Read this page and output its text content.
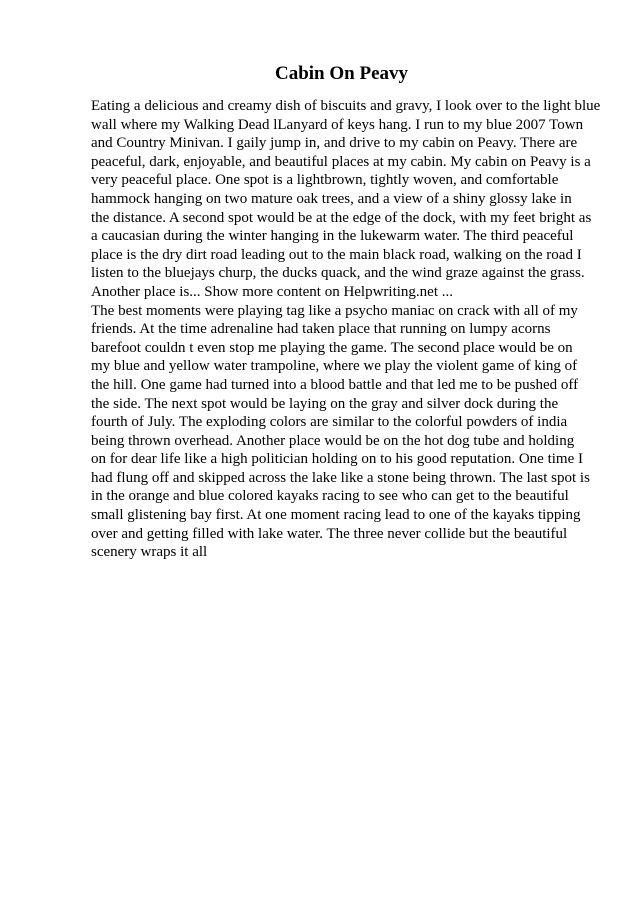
Cabin On Peavy
Eating a delicious and creamy dish of biscuits and gravy, I look over to the light blue
wall where my Walking Dead lLanyard of keys hang. I run to my blue 2007 Town
and Country Minivan. I gaily jump in, and drive to my cabin on Peavy. There are
peaceful, dark, enjoyable, and beautiful places at my cabin. My cabin on Peavy is a
very peaceful place. One spot is a lightbrown, tightly woven, and comfortable
hammock hanging on two mature oak trees, and a view of a shiny glossy lake in
the distance. A second spot would be at the edge of the dock, with my feet bright as
a caucasian during the winter hanging in the lukewarm water. The third peaceful
place is the dry dirt road leading out to the main black road, walking on the road I
listen to the bluejays churp, the ducks quack, and the wind graze against the grass.
Another place is... Show more content on Helpwriting.net ...
The best moments were playing tag like a psycho maniac on crack with all of my
friends. At the time adrenaline had taken place that running on lumpy acorns
barefoot couldn t even stop me playing the game. The second place would be on
my blue and yellow water trampoline, where we play the violent game of king of
the hill. One game had turned into a blood battle and that led me to be pushed off
the side. The next spot would be laying on the gray and silver dock during the
fourth of July. The exploding colors are similar to the colorful powders of india
being thrown overhead. Another place would be on the hot dog tube and holding
on for dear life like a high politician holding on to his good reputation. One time I
had flung off and skipped across the lake like a stone being thrown. The last spot is
in the orange and blue colored kayaks racing to see who can get to the beautiful
small glistening bay first. At one moment racing lead to one of the kayaks tipping
over and getting filled with lake water. The three never collide but the beautiful
scenery wraps it all
